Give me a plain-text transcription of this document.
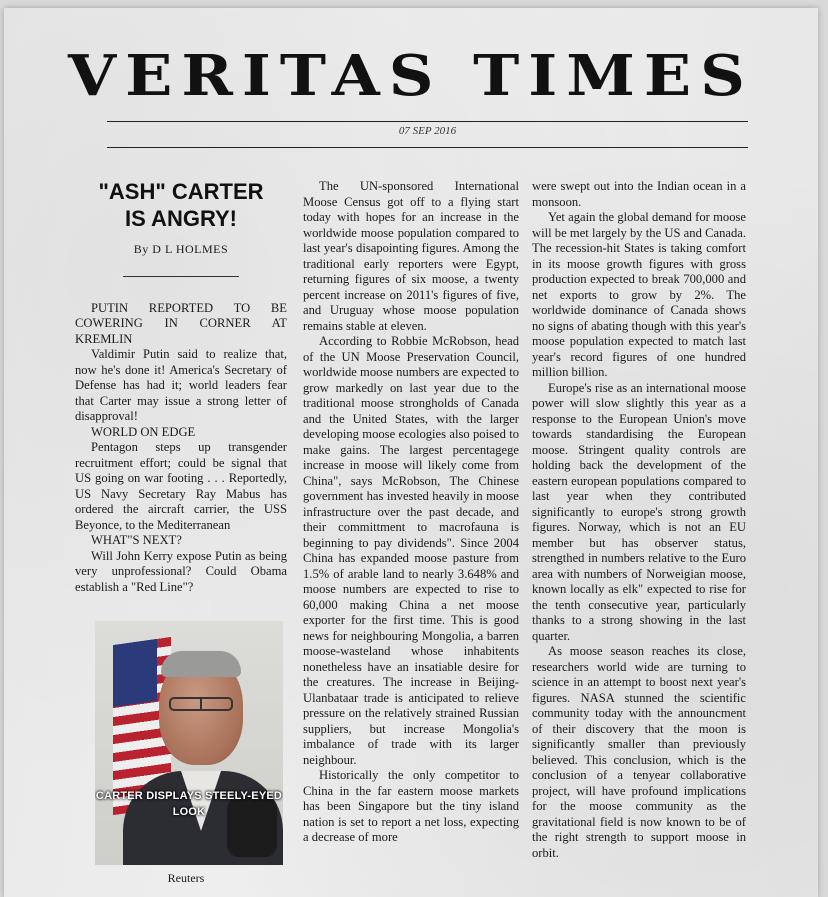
VERITAS TIMES
07 SEP 2016
"ASH" CARTER
IS ANGRY!
By D L HOLMES

PUTIN REPORTED TO BE COWERING IN CORNER AT KREMLIN

Valdimir Putin said to realize that, now he's done it! America's Secretary of Defense has had it; world leaders fear that Carter may issue a strong letter of disapproval!

WORLD ON EDGE

Pentagon steps up transgender recruitment effort; could be signal that US going on war footing . . . Reportedly, US Navy Secretary Ray Mabus has ordered the aircraft carrier, the USS Beyonce, to the Mediterranean

WHAT"S NEXT?

Will John Kerry expose Putin as being very unprofessional? Could Obama establish a "Red Line"?

CARTER DISPLAYS STEELY-EYED LOOK
Reuters

The UN-sponsored International Moose Census got off to a flying start today with hopes for an increase in the worldwide moose population compared to last year's disapointing figures. Among the traditional early reporters were Egypt, returning figures of six moose, a twenty percent increase on 2011's figures of five, and Uruguay whose moose population remains stable at eleven.

According to Robbie McRobson, head of the UN Moose Preservation Council, worldwide moose numbers are expected to grow markedly on last year due to the traditional moose strongholds of Canada and the United States, with the larger developing moose ecologies also poised to make gains. The largest percentagege increase in moose will likely come from China", says McRobson, The Chinese government has invested heavily in moose infrastructure over the past decade, and their committment to macrofauna is beginning to pay dividends". Since 2004 China has expanded moose pasture from 1.5% of arable land to nearly 3.648% and moose numbers are expected to rise to 60,000 making China a net moose exporter for the first time. This is good news for neighbouring Mongolia, a barren moose-wasteland whose inhabitents nonetheless have an insatiable desire for the creatures. The increase in Beijing-Ulanbataar trade is anticipated to relieve pressure on the relatively strained Russian suppliers, but increase Mongolia's imbalance of trade with its larger neighbour.

Historically the only competitor to China in the far eastern moose markets has been Singapore but the tiny island nation is set to report a net loss, expecting a decrease of more

were swept out into the Indian ocean in a monsoon.

Yet again the global demand for moose will be met largely by the US and Canada. The recession-hit States is taking comfort in its moose growth figures with gross production expected to break 700,000 and net exports to grow by 2%. The worldwide dominance of Canada shows no signs of abating though with this year's moose population expected to match last year's record figures of one hundred million billion.

Europe's rise as an international moose power will slow slightly this year as a response to the European Union's move towards standardising the European moose. Stringent quality controls are holding back the development of the eastern european populations compared to last year when they contributed significantly to europe's strong growth figures. Norway, which is not an EU member but has observer status, strengthed in numbers relative to the Euro area with numbers of Norweigian moose, known locally as elk" expected to rise for the tenth consecutive year, particularly thanks to a strong showing in the last quarter.

As moose season reaches its close, researchers world wide are turning to science in an attempt to boost next year's figures. NASA stunned the scientific community today with the announcment of their discovery that the moon is significantly smaller than previously believed. This conclusion, which is the conclusion of a tenyear collaborative project, will have profound implications for the moose community as the gravitational field is now known to be of the right strength to support moose in orbit.
